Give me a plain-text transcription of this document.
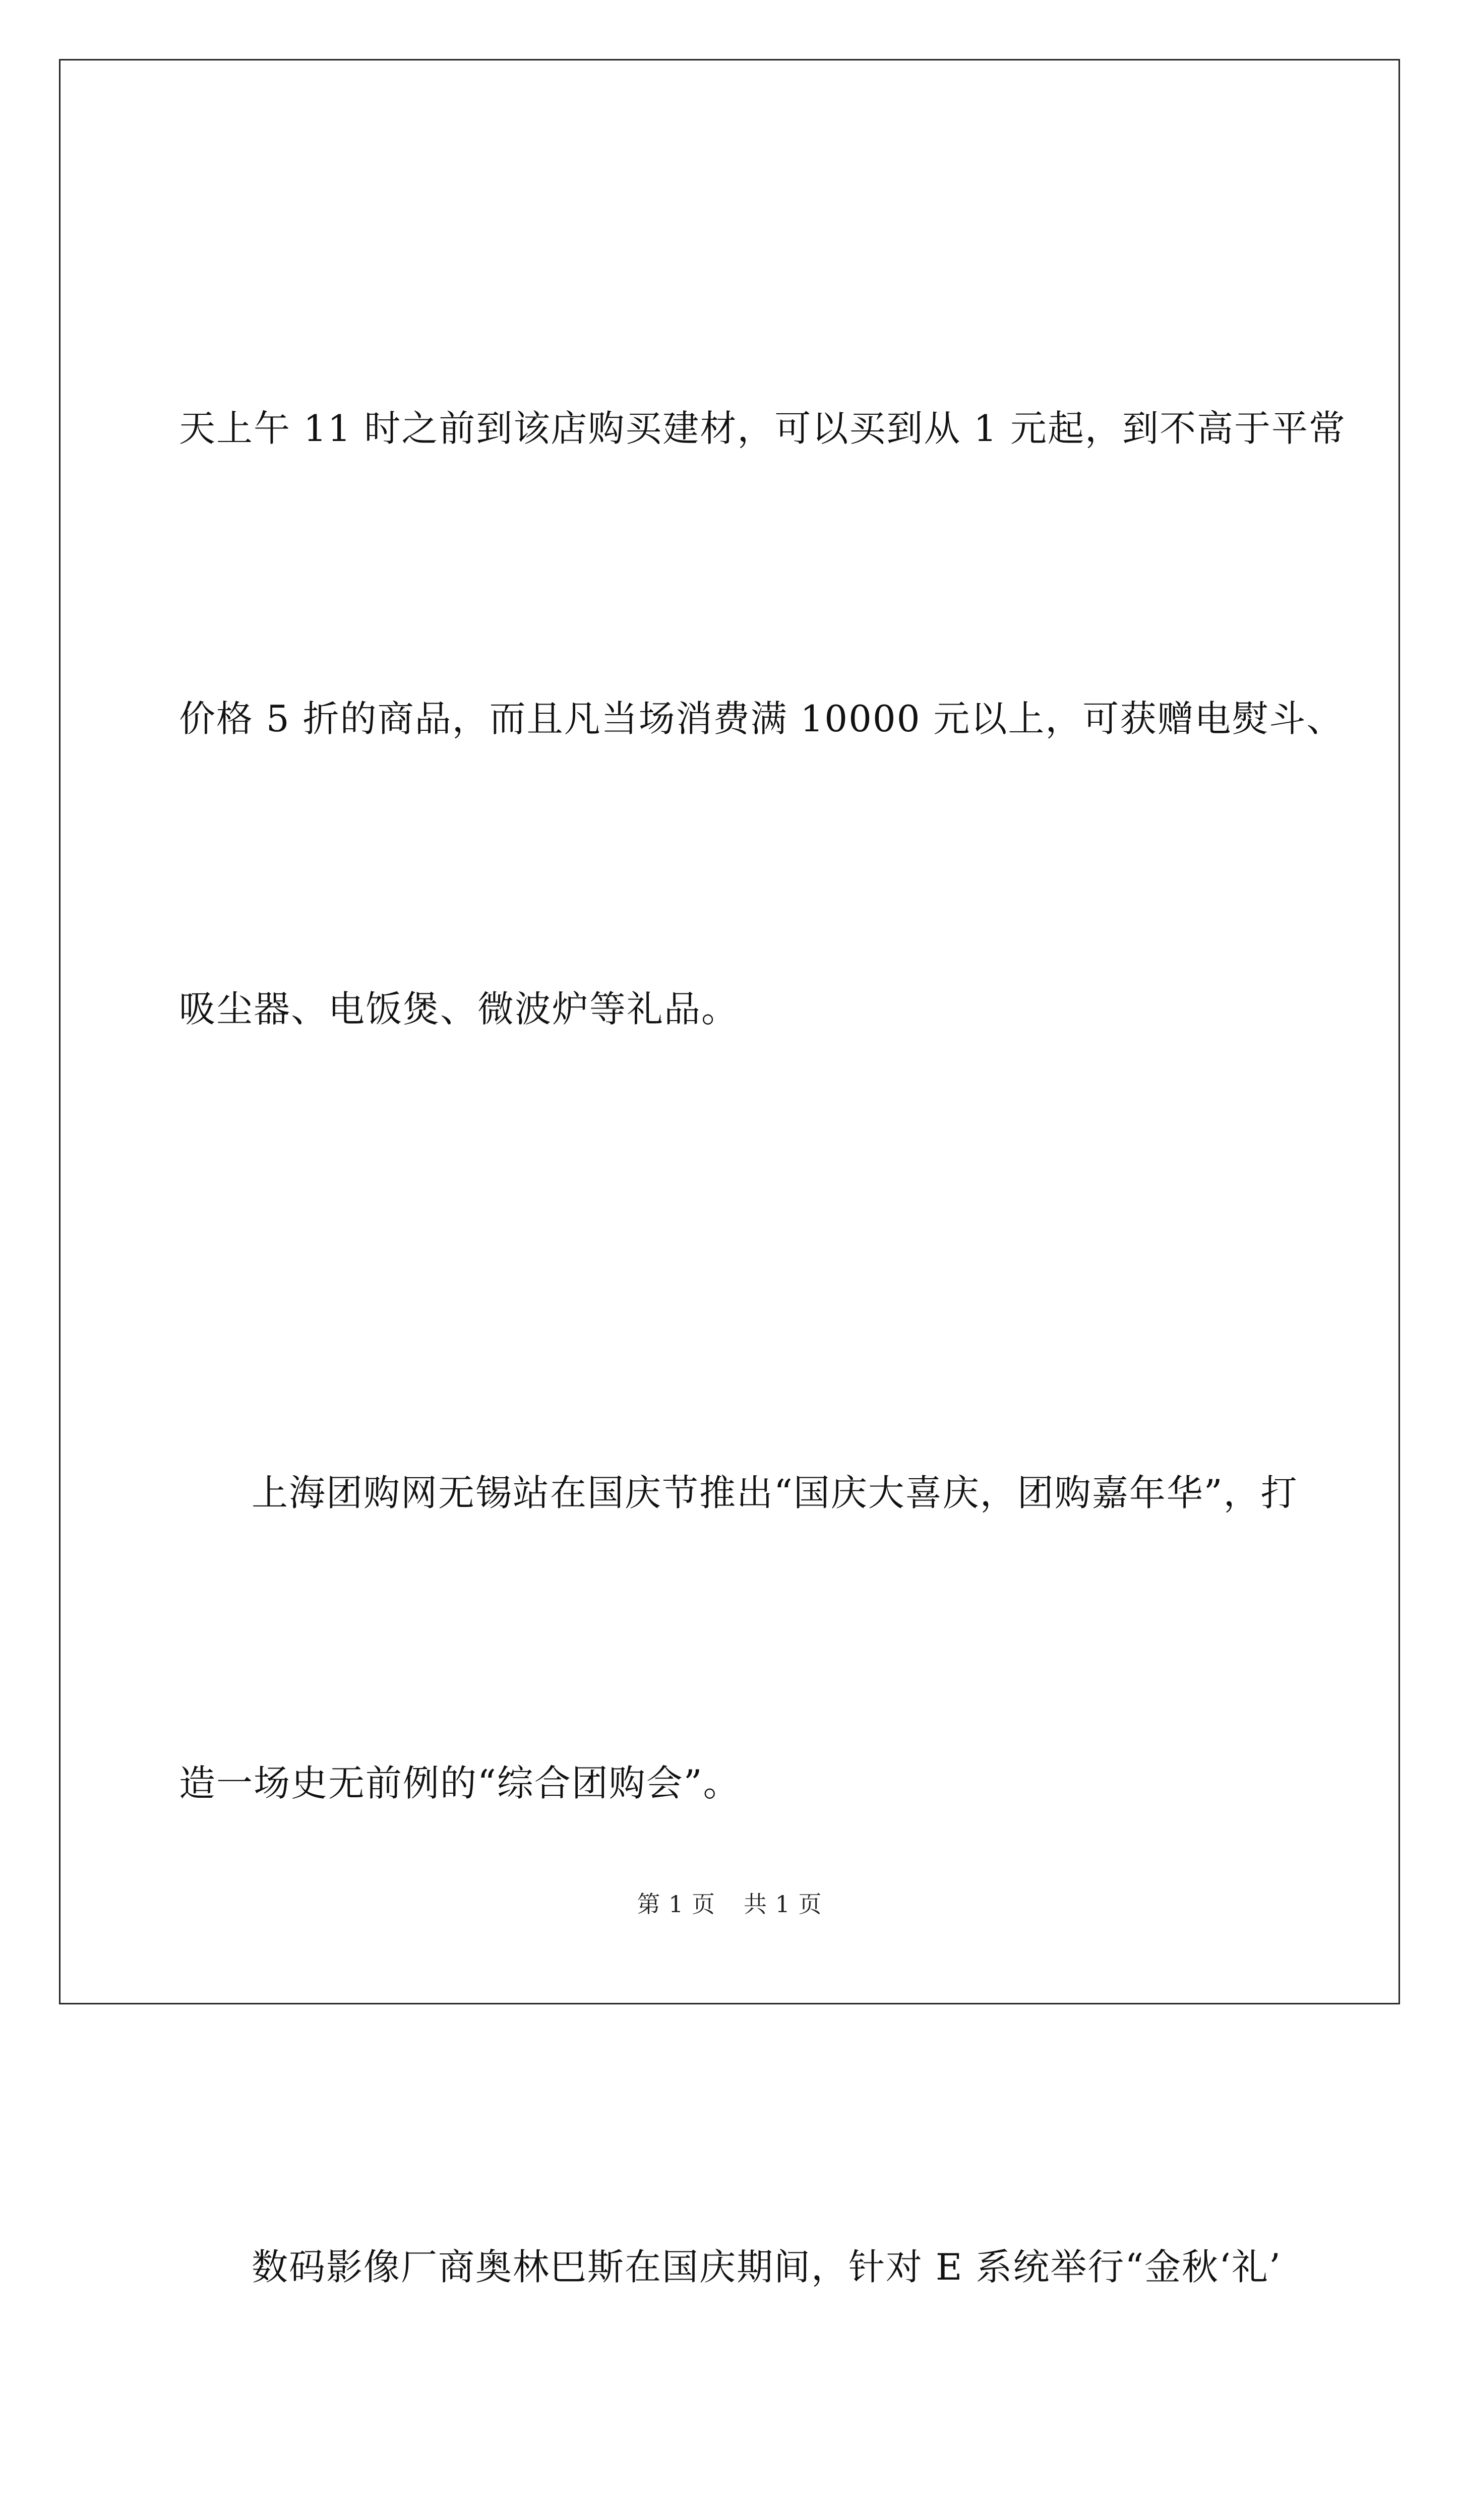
天上午 11 时之前到该店购买建材，可以买到从 1 元起，到不高于平常

价格 5 折的商品，而且凡当场消费满 10000 元以上，可获赠电熨斗、

吸尘器、电饭煲、微波炉等礼品。

上海团购网无锡站在国庆节推出“国庆大喜庆，团购嘉年华”，打

造一场史无前例的“综合团购会”。

数码影像厂商奥林巴斯在国庆期间，针对 E 系统举行“金秋‘礼’

第 1 页 共 1 页
